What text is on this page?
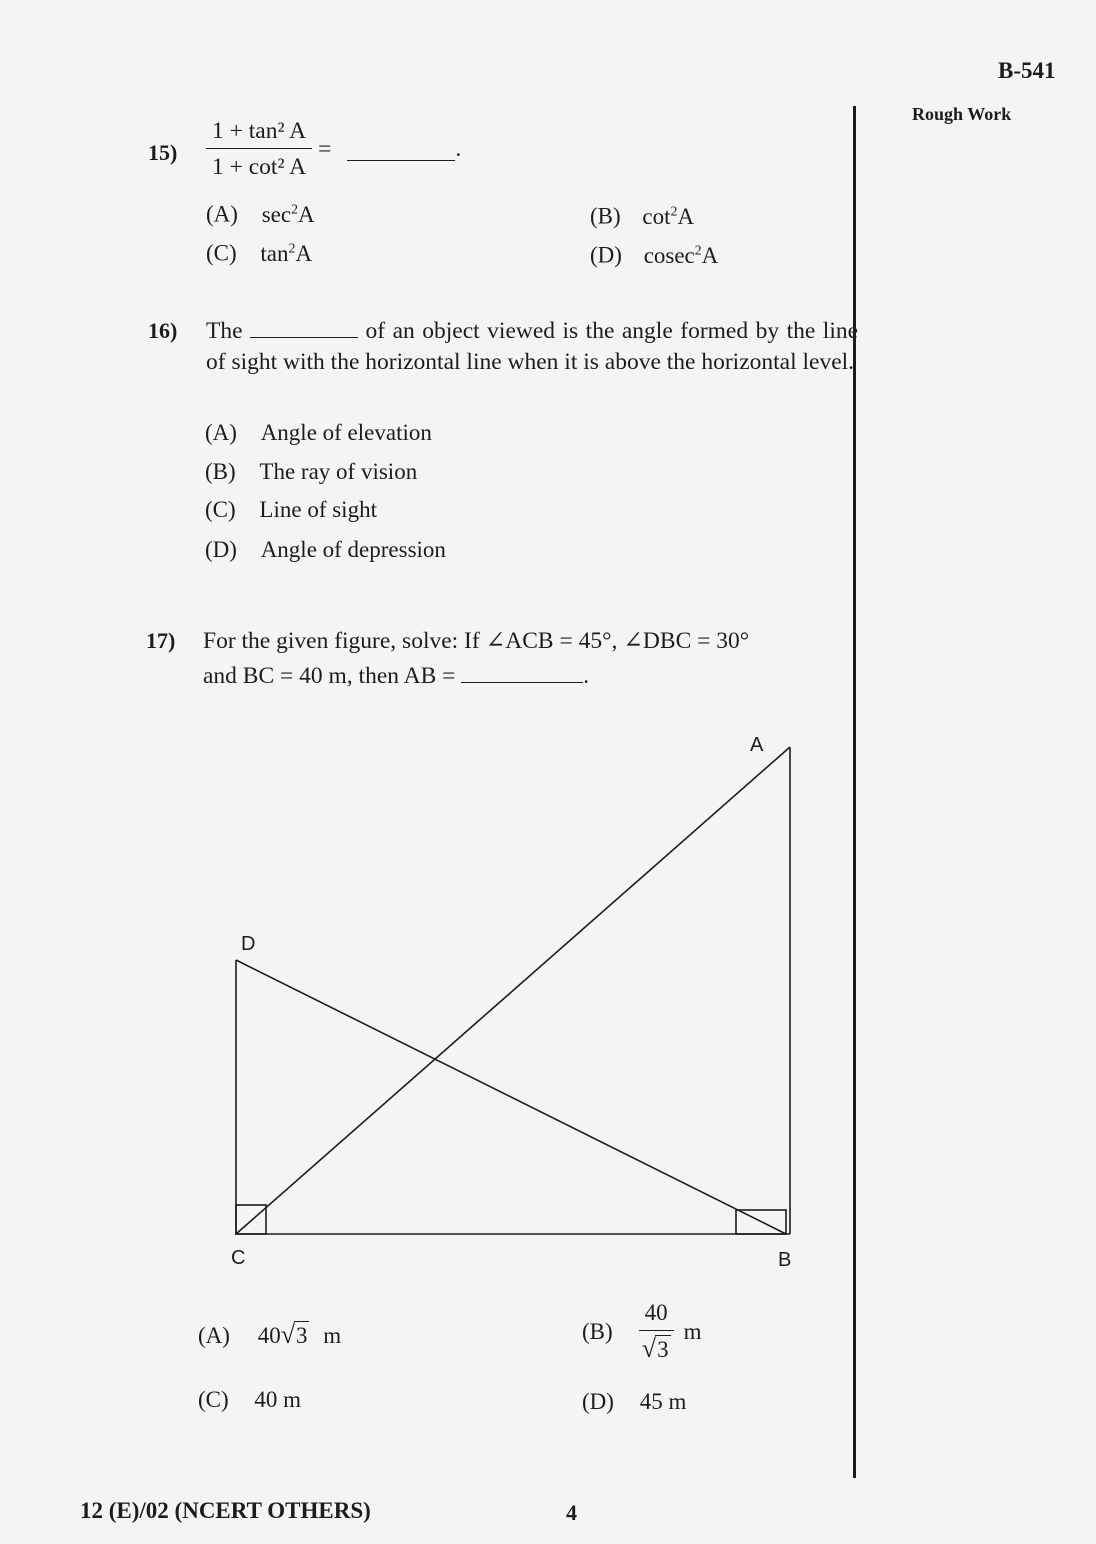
B-541
Rough Work
$15) \frac{\text{1 + tan² A}}{\text{1 + cot² A}}$ =	.
(A) $\sec^2A$	(B) $\cot^2A$
(C) $\tan^2A$	(D) cosec$^2$A
16) The	of an object viewed is the angle formed by the line of sight with the horizontal line when it is above the horizontal level.
(A) Angle of elevation
(B) The ray of vision
(C) Line of sight
(D) Angle of depression
17) For the given figure, solve: If ∠ACB = 45°, ∠DBC = 30°
and BC = 40 m, then AB =	.
A
D
C	B
(A) 40√3 m	$(B) \frac{40}{√3}$ m
(C) 40 m	(D) 45 m
12 (E)/02 (NCERT OTHERS)	4
